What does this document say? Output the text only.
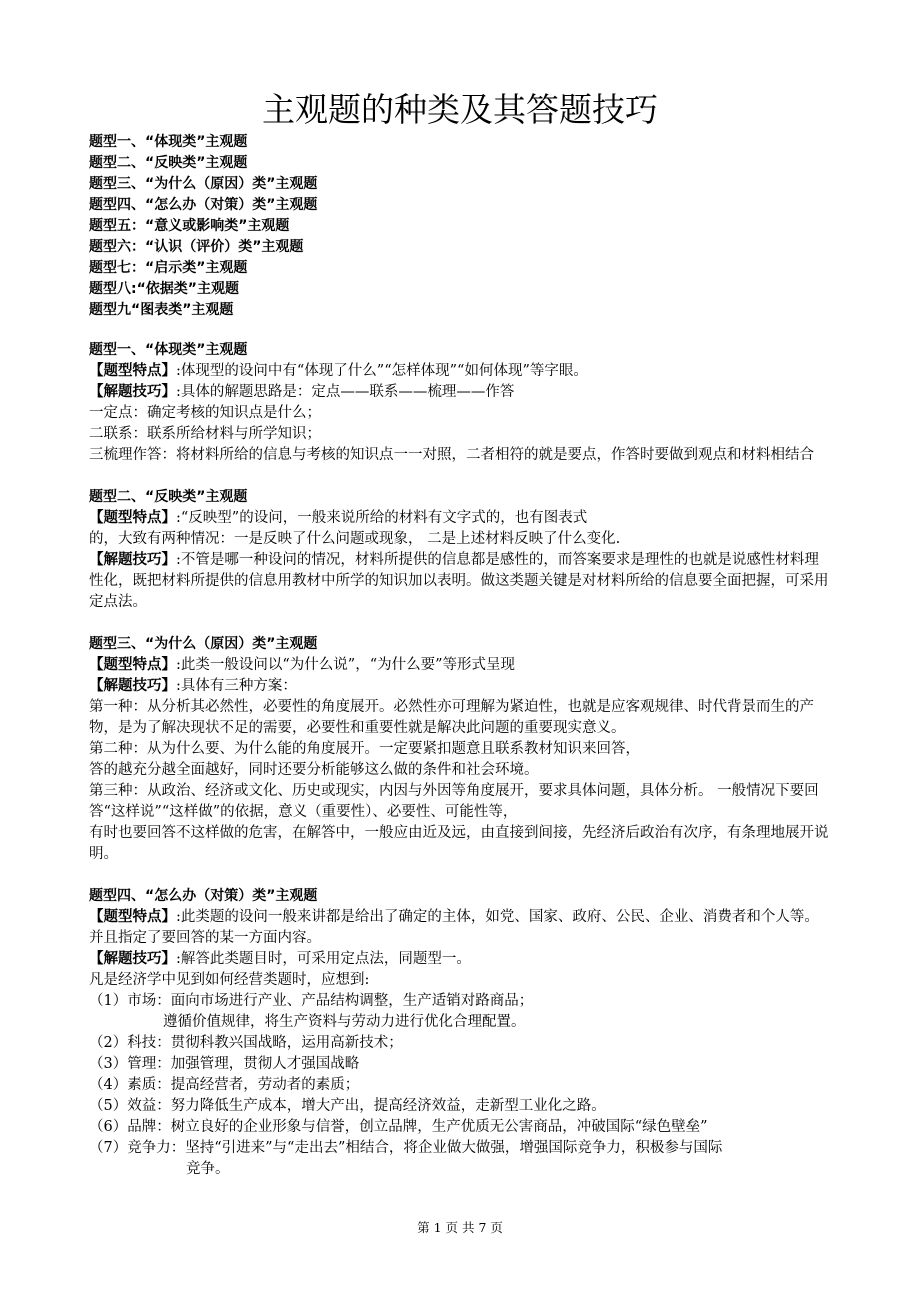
主观题的种类及其答题技巧
题型一、“体现类”主观题
题型二、“反映类”主观题
题型三、“为什么（原因）类”主观题
题型四、“怎么办（对策）类”主观题
题型五：“意义或影响类”主观题
题型六：“认识（评价）类”主观题
题型七：“启示类”主观题
题型八:“依据类”主观题
题型九“图表类”主观题
题型一、“体现类”主观题

【题型特点】:体现型的设问中有“体现了什么”“怎样体现”“如何体现”等字眼。

【解题技巧】:具体的解题思路是：定点——联系——梳理——作答

一定点：确定考核的知识点是什么；

二联系：联系所给材料与所学知识；

三梳理作答：将材料所给的信息与考核的知识点一一对照，二者相符的就是要点，作答时要做到观点和材料相结合

题型二、“反映类”主观题

【题型特点】:“反映型”的设问，一般来说所给的材料有文字式的，也有图表式

的，大致有两种情况：一是反映了什么问题或现象， 二是上述材料反映了什么变化.

【解题技巧】:不管是哪一种设问的情况，材料所提供的信息都是感性的，而答案要求是理性的也就是说感性材料理性化，既把材料所提供的信息用教材中所学的知识加以表明。做这类题关键是对材料所给的信息要全面把握，可采用定点法。

题型三、“为什么（原因）类”主观题

【题型特点】:此类一般设问以“为什么说”，“为什么要”等形式呈现

【解题技巧】:具体有三种方案：

第一种：从分析其必然性，必要性的角度展开。必然性亦可理解为紧迫性，也就是应客观规律、时代背景而生的产物，是为了解决现状不足的需要，必要性和重要性就是解决此问题的重要现实意义。

第二种：从为什么要、为什么能的角度展开。一定要紧扣题意且联系教材知识来回答，

答的越充分越全面越好，同时还要分析能够这么做的条件和社会环境。

第三种：从政治、经济或文化、历史或现实，内因与外因等角度展开，要求具体问题，具体分析。 一般情况下要回答“这样说”“这样做”的依据，意义（重要性）、必要性、可能性等，

有时也要回答不这样做的危害，在解答中，一般应由近及远，由直接到间接，先经济后政治有次序，有条理地展开说明。

题型四、“怎么办（对策）类”主观题

【题型特点】:此类题的设问一般来讲都是给出了确定的主体，如党、国家、政府、公民、企业、消费者和个人等。并且指定了要回答的某一方面内容。

【解题技巧】:解答此类题目时，可采用定点法，同题型一。

凡是经济学中见到如何经营类题时，应想到:

（1）市场：面向市场进行产业、产品结构调整，生产适销对路商品；

遵循价值规律，将生产资料与劳动力进行优化合理配置。

（2）科技：贯彻科教兴国战略，运用高新技术；

（3）管理：加强管理，贯彻人才强国战略

（4）素质：提高经营者，劳动者的素质；

（5）效益：努力降低生产成本，增大产出，提高经济效益，走新型工业化之路。

（6）品牌：树立良好的企业形象与信誉，创立品牌，生产优质无公害商品，冲破国际“绿色壁垒”

（7）竞争力：坚持“引进来”与“走出去”相结合，将企业做大做强，增强国际竞争力，积极参与国际

竞争。

第 1 页 共 7 页
